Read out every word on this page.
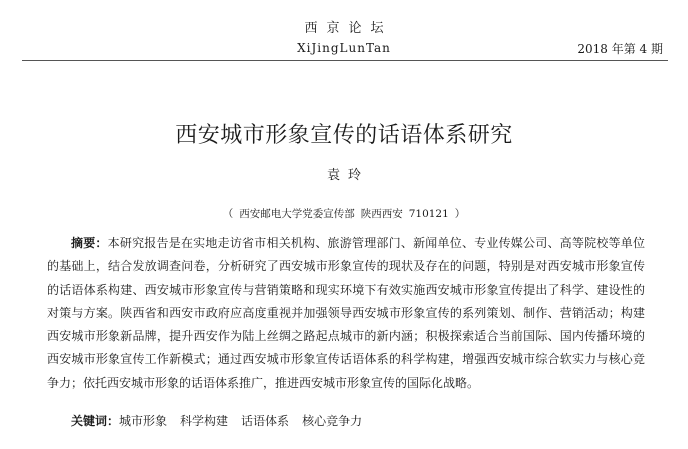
西京论坛
XiJingLunTan	2018 年第 4 期
西安城市形象宣传的话语体系研究
袁玲
（ 西安邮电大学党委宣传部 陕西西安 710121 ）

摘要：本研究报告是在实地走访省市相关机构、旅游管理部门、新闻单位、专业传媒公司、高等院校等单位的基础上，结合发放调查问卷，分析研究了西安城市形象宣传的现状及存在的问题，特别是对西安城市形象宣传的话语体系构建、西安城市形象宣传与营销策略和现实环境下有效实施西安城市形象宣传提出了科学、建设性的对策与方案。陕西省和西安市政府应高度重视并加强领导西安城市形象宣传的系列策划、制作、营销活动；构建西安城市形象新品牌，提升西安作为陆上丝绸之路起点城市的新内涵；积极探索适合当前国际、国内传播环境的西安城市形象宣传工作新模式；通过西安城市形象宣传话语体系的科学构建，增强西安城市综合软实力与核心竞争力；依托西安城市形象的话语体系推广，推进西安城市形象宣传的国际化战略。

关键词：城市形象 科学构建 话语体系 核心竞争力
